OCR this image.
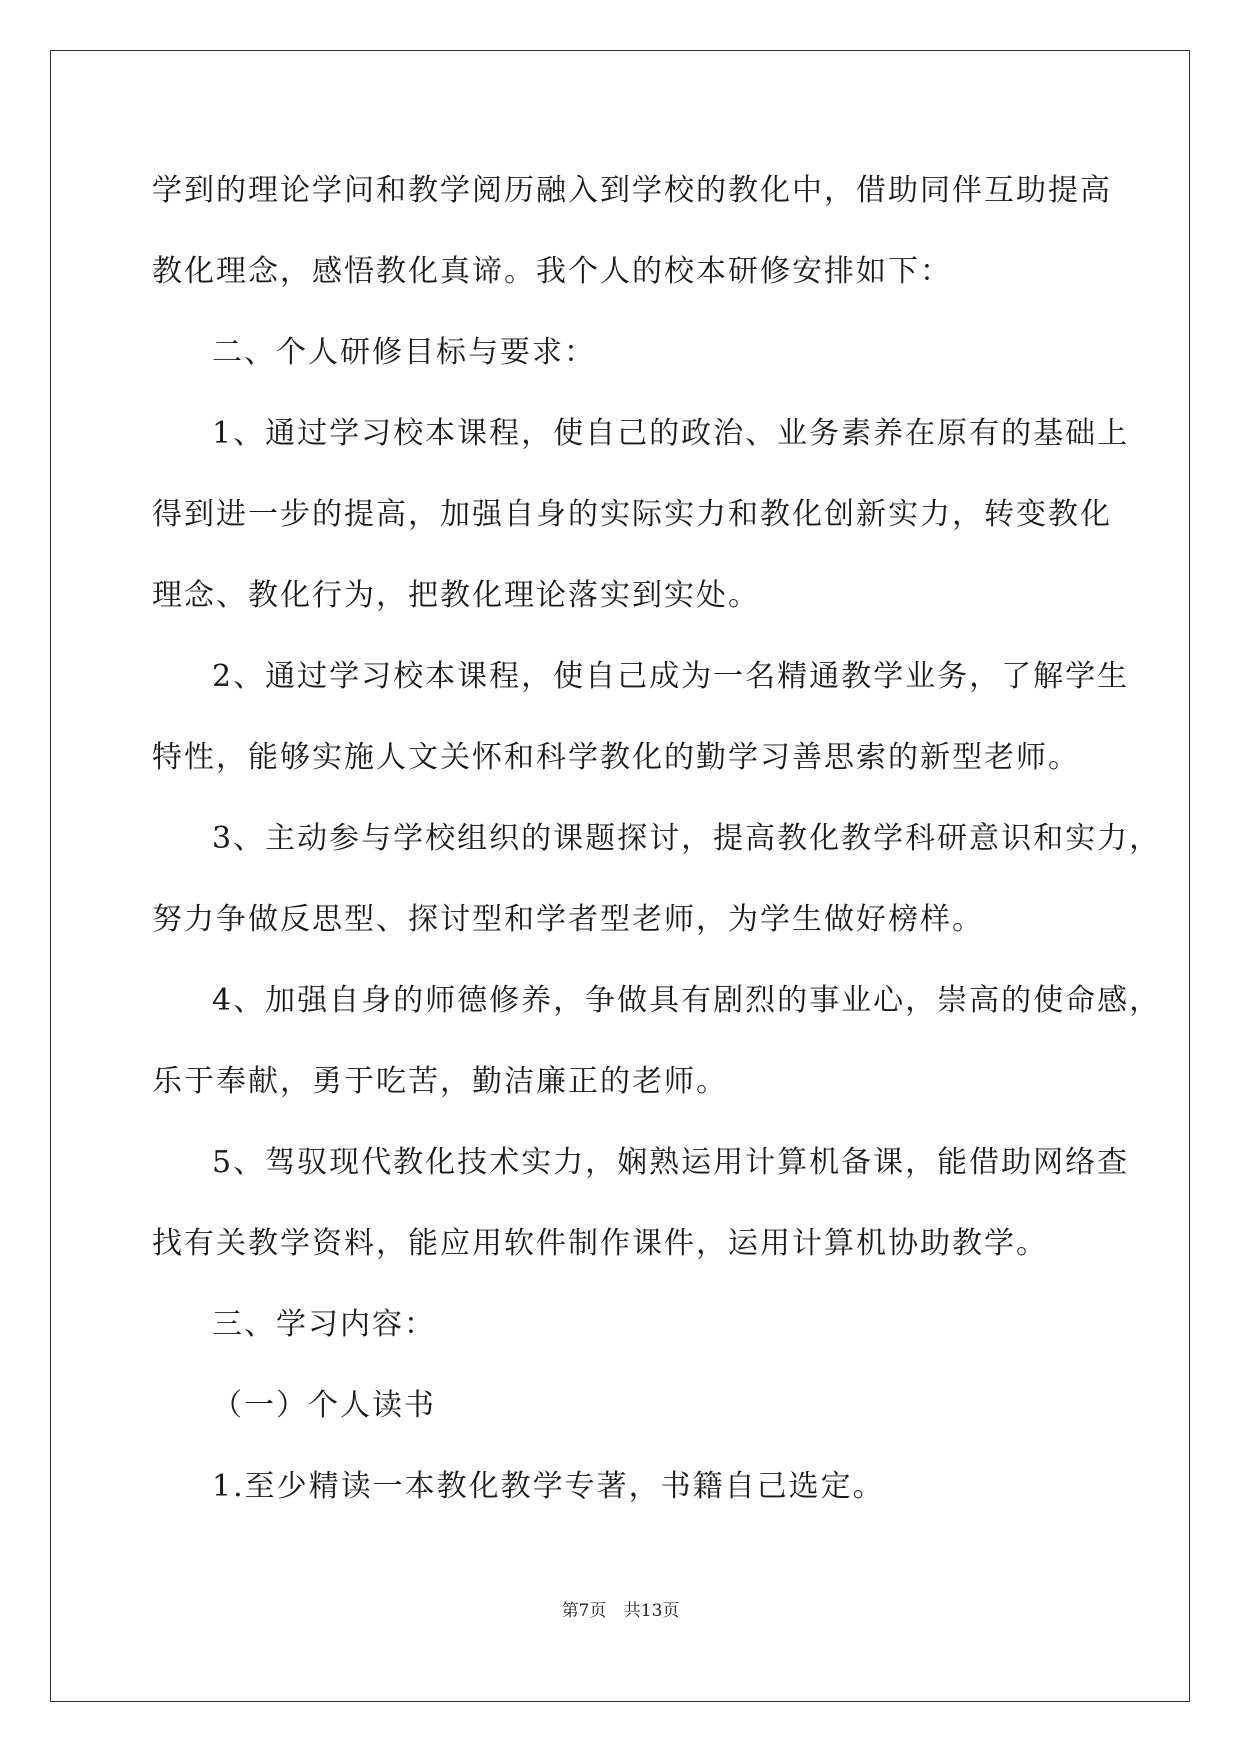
学到的理论学问和教学阅历融入到学校的教化中，借助同伴互助提高
教化理念，感悟教化真谛。我个人的校本研修安排如下：
二、个人研修目标与要求：
1、通过学习校本课程，使自己的政治、业务素养在原有的基础上
得到进一步的提高，加强自身的实际实力和教化创新实力，转变教化
理念、教化行为，把教化理论落实到实处。
2、通过学习校本课程，使自己成为一名精通教学业务，了解学生
特性，能够实施人文关怀和科学教化的勤学习善思索的新型老师。
3、主动参与学校组织的课题探讨，提高教化教学科研意识和实力，
努力争做反思型、探讨型和学者型老师，为学生做好榜样。
4、加强自身的师德修养，争做具有剧烈的事业心，崇高的使命感，
乐于奉献，勇于吃苦，勤洁廉正的老师。
5、驾驭现代教化技术实力，娴熟运用计算机备课，能借助网络查
找有关教学资料，能应用软件制作课件，运用计算机协助教学。
三、学习内容：
（一）个人读书
1.至少精读一本教化教学专著，书籍自己选定。
第7页 共13页
